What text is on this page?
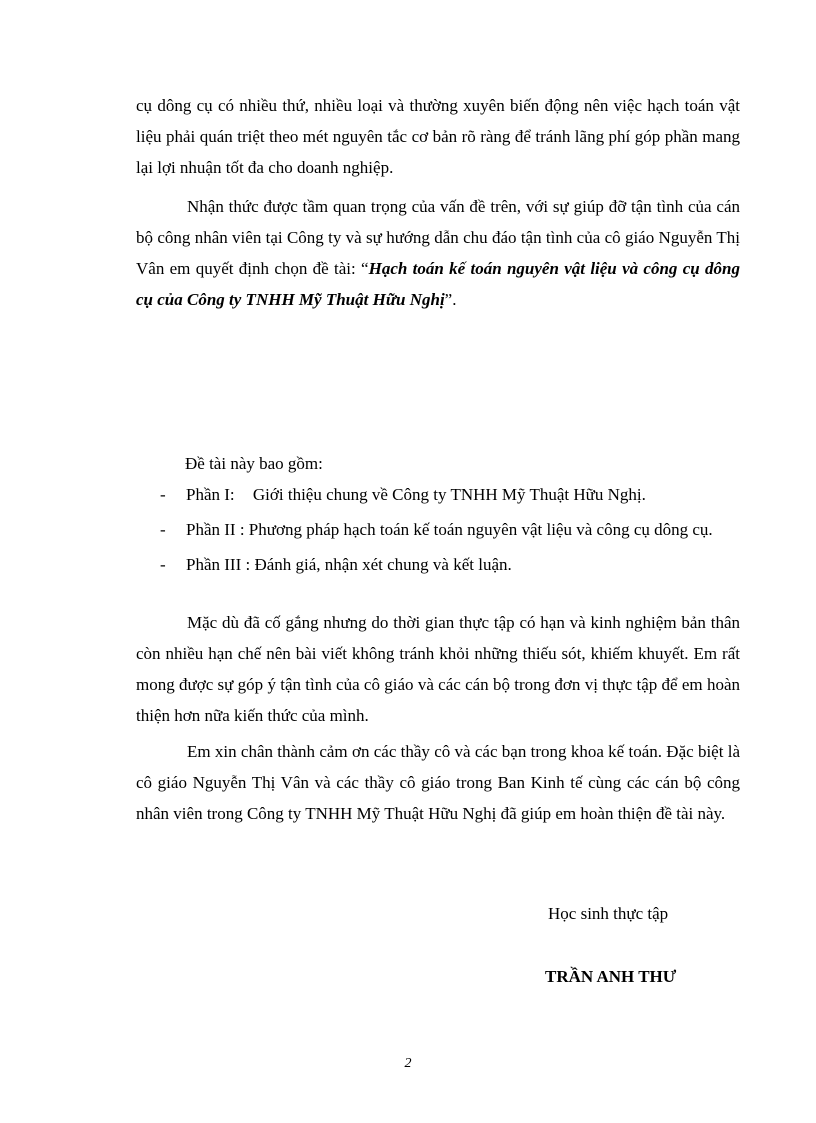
cụ dông cụ có nhiều thứ, nhiều loại và thường xuyên biến động nên việc hạch toán vật liệu phải quán triệt theo mét nguyên tắc cơ bản rõ ràng để tránh lãng phí góp phần mang lại lợi nhuận tốt đa cho doanh nghiệp.

Nhận thức được tầm quan trọng của vấn đề trên, với sự giúp đỡ tận tình của cán bộ công nhân viên tại Công ty và sự hướng dẫn chu đáo tận tình của cô giáo Nguyễn Thị Vân em quyết định chọn đề tài: “Hạch toán kế toán nguyên vật liệu và công cụ dông cụ của Công ty TNHH Mỹ Thuật Hữu Nghị”.

Đề tài này bao gồm:
- Phần I: Giới thiệu chung về Công ty TNHH Mỹ Thuật Hữu Nghị.
- Phần II : Phương pháp hạch toán kế toán nguyên vật liệu và công cụ dông cụ.
- Phần III : Đánh giá, nhận xét chung và kết luận.

Mặc dù đã cố gắng nhưng do thời gian thực tập có hạn và kinh nghiệm bản thân còn nhiều hạn chế nên bài viết không tránh khỏi những thiếu sót, khiếm khuyết. Em rất mong được sự góp ý tận tình của cô giáo và các cán bộ trong đơn vị thực tập để em hoàn thiện hơn nữa kiến thức của mình.

Em xin chân thành cảm ơn các thầy cô và các bạn trong khoa kế toán. Đặc biệt là cô giáo Nguyễn Thị Vân và các thầy cô giáo trong Ban Kinh tế cùng các cán bộ công nhân viên trong Công ty TNHH Mỹ Thuật Hữu Nghị đã giúp em hoàn thiện đề tài này.

Học sinh thực tập
TRẦN ANH THƯ
2
